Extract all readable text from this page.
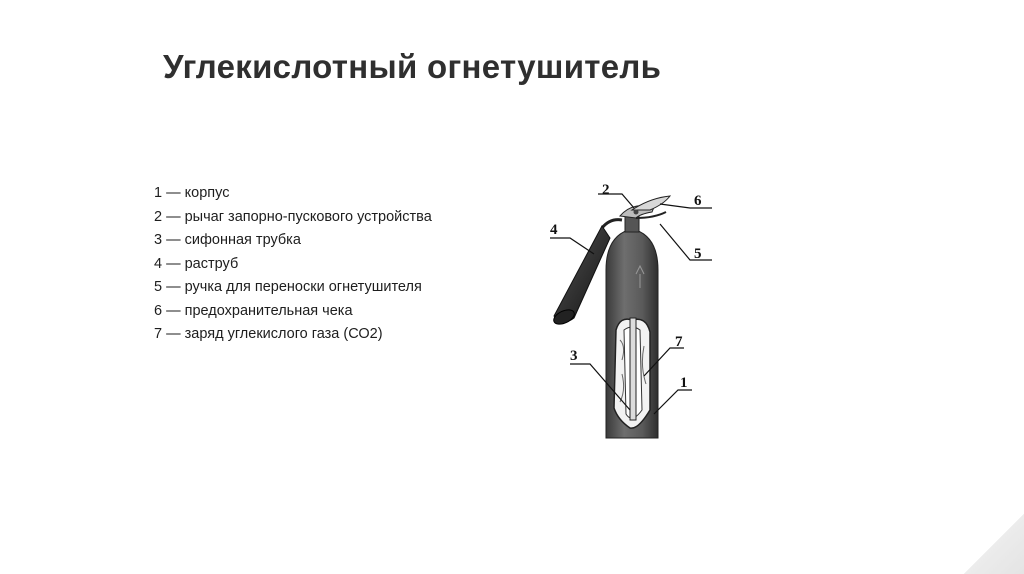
Углекислотный огнетушитель
1 — корпус
2 — рычаг запорно-пускового устройства
3 — сифонная трубка
4 — раструб
5 — ручка для переноски огнетушителя
6 — предохранительная чека
7 — заряд углекислого газа (СО2)
2
6
4
5
3
7
1
